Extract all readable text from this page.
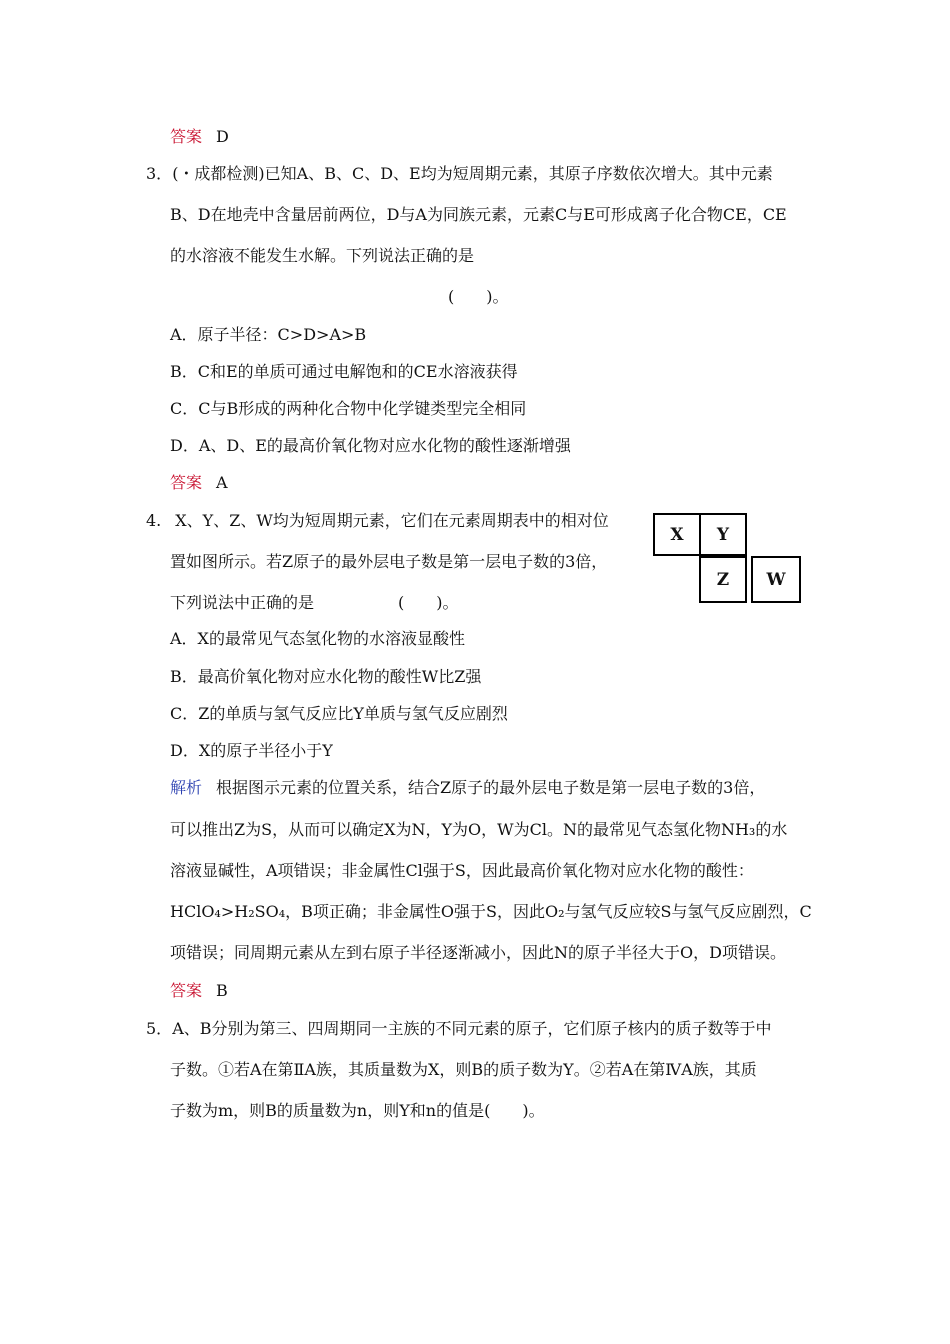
答案 D
3．(・成都检测)已知A、B、C、D、E均为短周期元素，其原子序数依次增大。其中元素
B、D在地壳中含量居前两位，D与A为同族元素，元素C与E可形成离子化合物CE，CE
的水溶液不能发生水解。下列说法正确的是
(　　)。
A．原子半径：C>D>A>B
B．C和E的单质可通过电解饱和的CE水溶液获得
C．C与B形成的两种化合物中化学键类型完全相同
D．A、D、E的最高价氧化物对应水化物的酸性逐渐增强
答案 A
4. X、Y、Z、W均为短周期元素，它们在元素周期表中的相对位
置如图所示。若Z原子的最外层电子数是第一层电子数的3倍，
下列说法中正确的是	(　　)。
X	Y
Z	W
A．X的最常见气态氢化物的水溶液显酸性
B．最高价氧化物对应水化物的酸性W比Z强
C．Z的单质与氢气反应比Y单质与氢气反应剧烈
D．X的原子半径小于Y
解析 根据图示元素的位置关系，结合Z原子的最外层电子数是第一层电子数的3倍，
可以推出Z为S，从而可以确定X为N，Y为O，W为Cl。N的最常见气态氢化物NH₃的水
溶液显碱性，A项错误；非金属性Cl强于S，因此最高价氧化物对应水化物的酸性：
HClO₄>H₂SO₄，B项正确；非金属性O强于S，因此O₂与氢气反应较S与氢气反应剧烈，C
项错误；同周期元素从左到右原子半径逐渐减小，因此N的原子半径大于O，D项错误。
答案 B
5．A、B分别为第三、四周期同一主族的不同元素的原子，它们原子核内的质子数等于中
子数。①若A在第ⅡA族，其质量数为X，则B的质子数为Y。②若A在第ⅣA族，其质
子数为m，则B的质量数为n，则Y和n的值是(　　)。
